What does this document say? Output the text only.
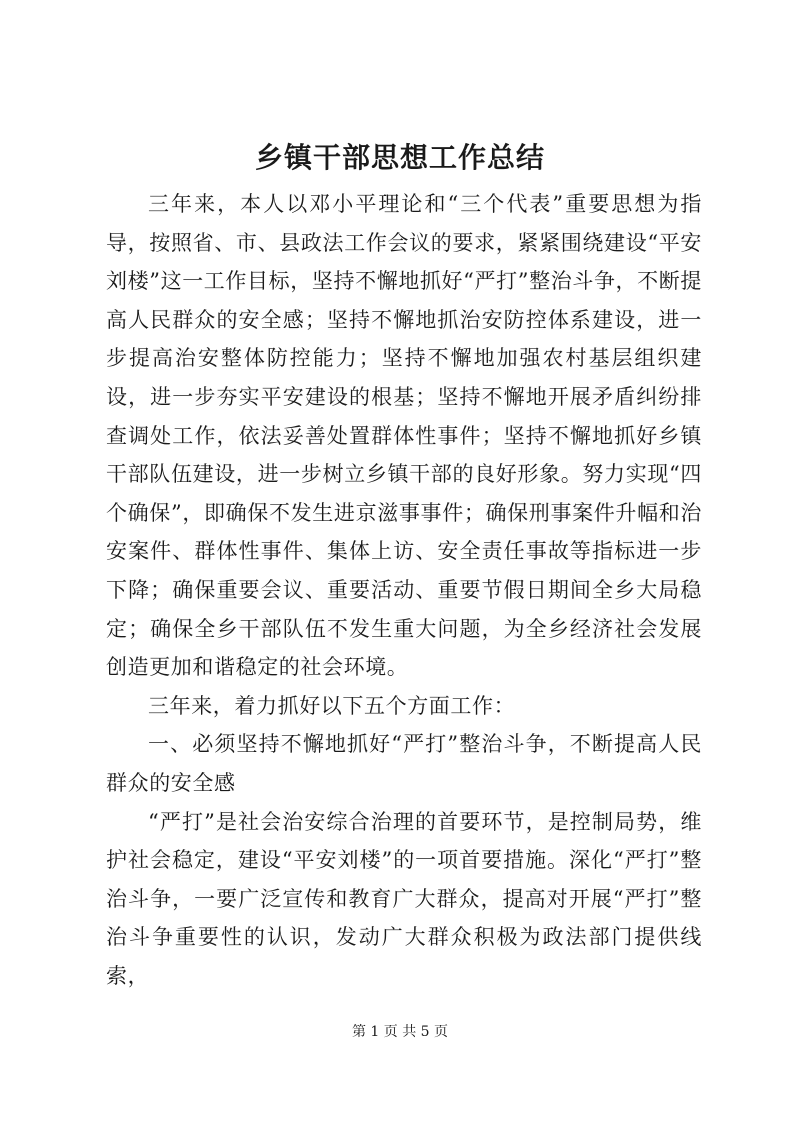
乡镇干部思想工作总结

三年来，本人以邓小平理论和“三个代表”重要思想为指导，按照省、市、县政法工作会议的要求，紧紧围绕建设“平安刘楼”这一工作目标，坚持不懈地抓好“严打”整治斗争，不断提高人民群众的安全感；坚持不懈地抓治安防控体系建设，进一步提高治安整体防控能力；坚持不懈地加强农村基层组织建设，进一步夯实平安建设的根基；坚持不懈地开展矛盾纠纷排查调处工作，依法妥善处置群体性事件；坚持不懈地抓好乡镇干部队伍建设，进一步树立乡镇干部的良好形象。努力实现“四个确保”，即确保不发生进京滋事事件；确保刑事案件升幅和治安案件、群体性事件、集体上访、安全责任事故等指标进一步下降；确保重要会议、重要活动、重要节假日期间全乡大局稳定；确保全乡干部队伍不发生重大问题，为全乡经济社会发展创造更加和谐稳定的社会环境。

三年来，着力抓好以下五个方面工作：

一、必须坚持不懈地抓好“严打”整治斗争，不断提高人民群众的安全感

“严打”是社会治安综合治理的首要环节，是控制局势，维护社会稳定，建设“平安刘楼”的一项首要措施。深化“严打”整治斗争，一要广泛宣传和教育广大群众，提高对开展“严打”整治斗争重要性的认识，发动广大群众积极为政法部门提供线索，

第 1 页 共 5 页
